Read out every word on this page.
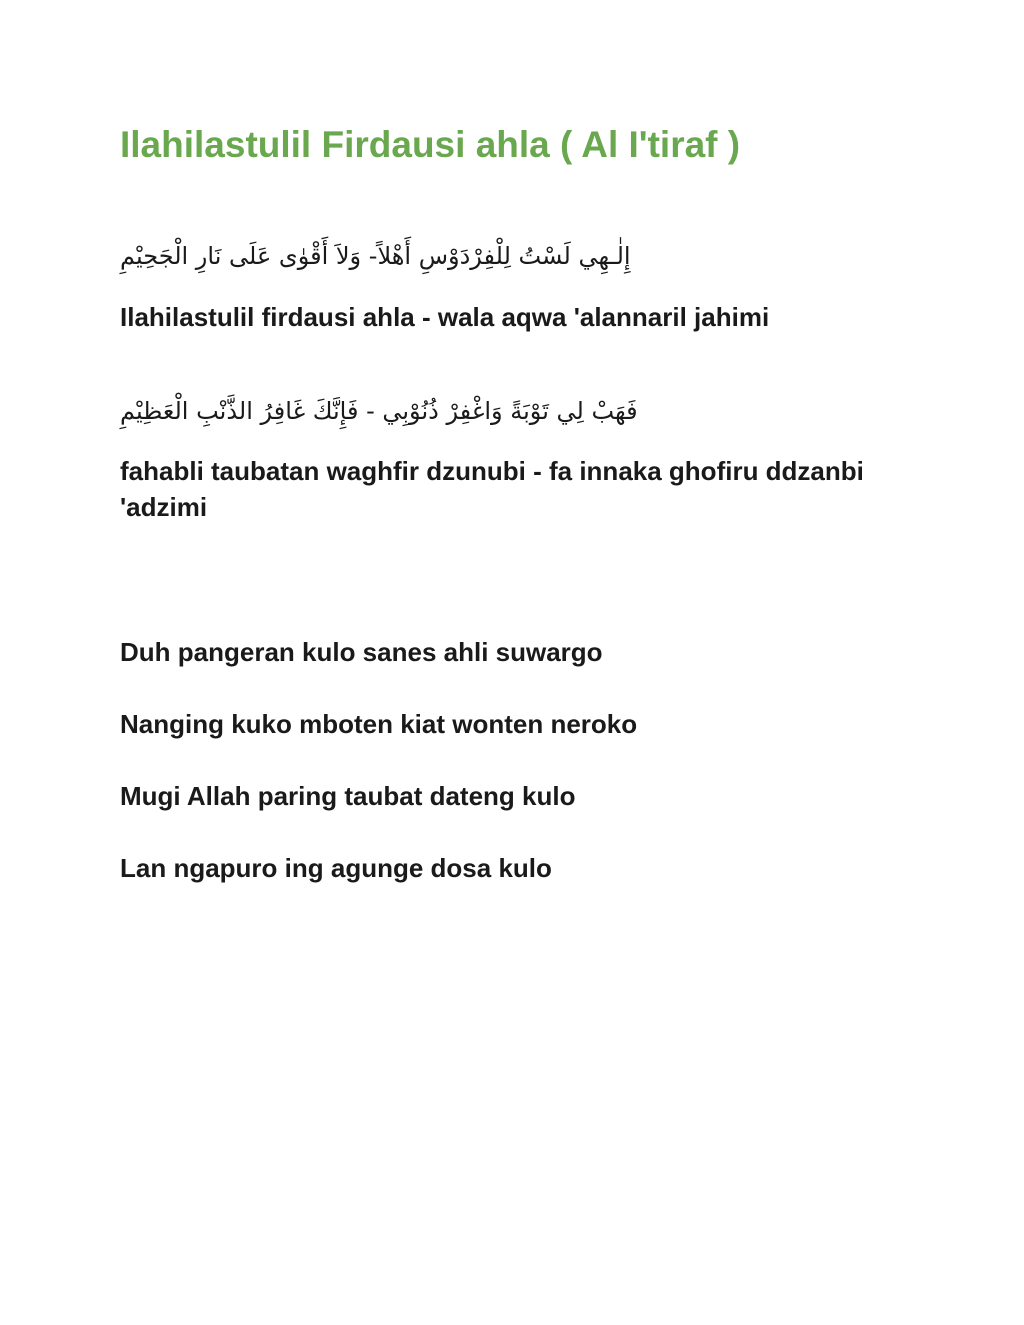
Ilahilastulil Firdausi ahla ( Al I'tiraf )

إِلٰـهِي لَسْتُ لِلْفِرْدَوْسِ أَهْلاً- وَلاَ أَقْوٰى عَلَى نَارِ الْجَحِيْمِ

Ilahilastulil firdausi ahla - wala aqwa 'alannaril jahimi

فَهَبْ لِي تَوْبَةً وَاغْفِرْ ذُنُوْبِي - فَإِنَّكَ غَافِرُ الذَّنْبِ الْعَظِيْمِ

fahabli taubatan waghfir dzunubi - fa innaka ghofiru ddzanbi 'adzimi

Duh pangeran kulo sanes ahli suwargo

Nanging kuko mboten kiat wonten neroko

Mugi Allah paring taubat dateng kulo

Lan ngapuro ing agunge dosa kulo
